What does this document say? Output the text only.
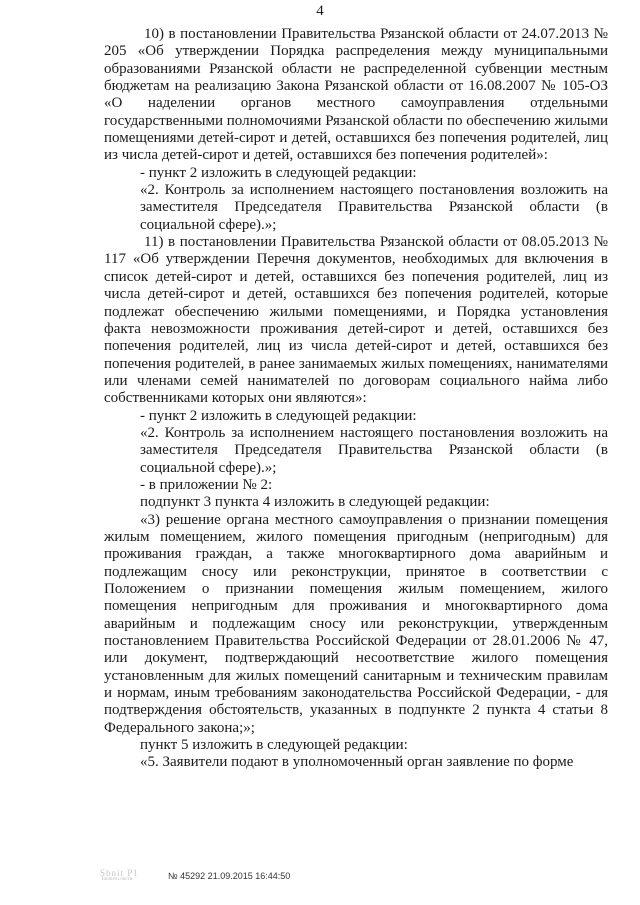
4

10) в постановлении Правительства Рязанской области от 24.07.2013 № 205 «Об утверждении Порядка распределения между муниципальными образованиями Рязанской области не распределенной субвенции местным бюджетам на реализацию Закона Рязанской области от 16.08.2007 № 105-ОЗ «О наделении органов местного самоуправления отдельными государственными полномочиями Рязанской области по обеспечению жилыми помещениями детей-сирот и детей, оставшихся без попечения родителей, лиц из числа детей-сирот и детей, оставшихся без попечения родителей»:

- пункт 2 изложить в следующей редакции:

«2. Контроль за исполнением настоящего постановления возложить на заместителя Председателя Правительства Рязанской области (в социальной сфере).»;

11) в постановлении Правительства Рязанской области от 08.05.2013 № 117 «Об утверждении Перечня документов, необходимых для включения в список детей-сирот и детей, оставшихся без попечения родителей, лиц из числа детей-сирот и детей, оставшихся без попечения родителей, которые подлежат обеспечению жилыми помещениями, и Порядка установления факта невозможности проживания детей-сирот и детей, оставшихся без попечения родителей, лиц из числа детей-сирот и детей, оставшихся без попечения родителей, в ранее занимаемых жилых помещениях, нанимателями или членами семей нанимателей по договорам социального найма либо собственниками которых они являются»:

- пункт 2 изложить в следующей редакции:

«2. Контроль за исполнением настоящего постановления возложить на заместителя Председателя Правительства Рязанской области (в социальной сфере).»;

- в приложении № 2:

подпункт 3 пункта 4 изложить в следующей редакции:

«3) решение органа местного самоуправления о признании помещения жилым помещением, жилого помещения пригодным (непригодным) для проживания граждан, а также многоквартирного дома аварийным и подлежащим сносу или реконструкции, принятое в соответствии с Положением о признании помещения жилым помещением, жилого помещения непригодным для проживания и многоквартирного дома аварийным и подлежащим сносу или реконструкции, утвержденным постановлением Правительства Российской Федерации от 28.01.2006 № 47, или документ, подтверждающий несоответствие жилого помещения установленным для жилых помещений санитарным и техническим правилам и нормам, иным требованиям законодательства Российской Федерации, - для подтверждения обстоятельств, указанных в подпункте 2 пункта 4 статьи 8 Федерального закона;»;

пункт 5 изложить в следующей редакции:

«5. Заявители подают в уполномоченный орган заявление по форме

Sbnit P1
Бюпитн.листи	№ 45292 21.09.2015 16:44:50
